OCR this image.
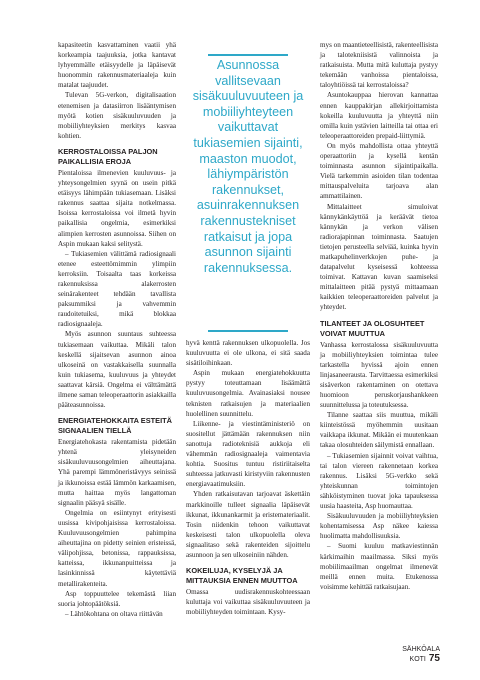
kapasiteetin kasvattaminen vaatii yhä korkeampia taajuuksia, jotka kantavat lyhyemmälle etäisyydelle ja läpäisevät huonommin rakennusmateriaaleja kuin matalat taajuudet.

Tulevan 5G-verkon, digitalisaation etenemisen ja datasiirron lisääntymisen myötä kotien sisäkuuluvuuden ja mobiiliyhteyksien merkitys kasvaa kohtien.

KERROSTALOISSA PALJON PAIKALLISIA EROJA

Pientaloissa ilmenevien kuuluvuus- ja yhteysongelmien syynä on usein pitkä etäisyys lähimpään tukiasemaan. Lisäksi rakennus saattaa sijaita notkelmassa. Isoissa kerrostaloissa voi ilmetä hyvin paikallisia ongelmia, esimerkiksi alimpien kerrosten asunnoissa. Siihen on Aspin mukaan kaksi selitystä.

– Tukiasemien välittämä radiosignaali etenee esteettömimmin ylimpiin kerroksiin. Toisaalta taas korkeissa rakennuksissa alakerrosten seinärakenteet tehdään tavallista paksummiksi ja vahvemmin raudoitetuiksi, mikä blokkaa radiosignaaleja.

Myös asunnon suuntaus suhteessa tukiasemaan vaikuttaa. Mikäli talon keskellä sijaitsevan asunnon ainoa ulkoseinä on vastakkaisella suunnalla kuin tukiasema, kuuluvuus ja yhteydet saattavat kärsiä. Ongelma ei välttämättä ilmene saman teleoperaattorin asiakkailla pääteasunnoissa.

ENERGIATEHOKKAITA ESTEITÄ SIGNAALIEN TIELLÄ

Energiatehokasta rakentamista pidetään yhtenä yleisyneiden sisäkuuluvuusongelmien aiheuttajana. Yhä parempi lämmöneristävyys seinissä ja ikkunoissa estää lämmön karkaamisen, mutta haittaa myös langattoman signaalin pääsyä sisälle.

Ongelmia on esiintynyt erityisesti uusissa kivipohjaisissa kerrostaloissa. Kuuluvuusongelmien pahimpina aiheuttajina on pidetty seinien eristeissä, välipohjissa, betonissa, rappauksissa, katteissa, ikkunanpuitteissa ja lasinkinnissä käytettäviä metallirakenteita.

Asp toppuuttelee tekemästä liian suoria johtopäätöksiä.

– Lähtökohtana on oltava riittävän

hyvä kenttä rakennuksen ulkopuolella. Jos kuuluvuutta ei ole ulkona, ei sitä saada sisätiloihinkaan.

Aspin mukaan energiatehokkuutta pystyy toteuttamaan lisäämättä kuuluvuusongelmia. Avainasiaksi nousee teknisten ratkaisujen ja materiaalien huolellinen suunnittelu.

Liikenne- ja viestintäministeriö on suositellut jättämään rakennuksen niin sanottuja radioteknisiä aukkoja eli vähemmän radiosignaaleja vaimentavia kohtia. Suositus tuntuu ristiriitaiselta suhteessa jatkuvasti kiristyviin rakennusten energiavaatimuksiin.

Yhden ratkaisutavan tarjoavat äskettäin markkinoille tulleet signaalia läpäisevät ikkunat, ikkunankarmit ja eristemateriaalit. Tosin niidenkin tehoon vaikuttavat keskeisesti talon ulkopuolella oleva signaalitaso sekä rakenteiden sijoittelu asunnoon ja sen ulkoseiniin nähden.

KOKEILUJA, KYSELYJÄ JA MITTAUKSIA ENNEN MUUTTOA

Omassa uudisrakennuskohteessaan kuluttaja voi vaikuttaa sisäkuuluvuuteen ja mobiiliyhteyden toimintaan. Kysy-

mys on maantieteellisistä, rakenteellisista ja talotekniisistä valinnoista ja ratkaisuista. Mutta mitä kuluttaja pystyy tekemään vanhoissa pientaloissa, taloyhtiöissä tai kerrostaloissa?

Asuntokauppaa hierovan kannattaa ennen kauppakirjan allekirjoittamista kokeilla kuuluvuutta ja yhteyttä niin omilla kuin ystävien laitteilla tai ottaa eri teleoperaattoreiden prepaid-liittymiä.

On myös mahdollista ottaa yhteyttä operaattoriin ja kysellä kentän toiminnasta asunnon sijaintipaikalla. Vielä tarkemmin asioiden tilan todentaa mittauspalveluita tarjoava alan ammattilainen.

Mittalaitteet simuloivat kännykänkäyttöä ja keräävät tietoa kännykän ja verkon välisen radiorajapinnan toiminnasta. Saatujen tietojen perusteella selviää, kuinka hyvin matkapuhelinverkkojen puhe- ja datapalvelut kyseisessä kohteessa toimivat. Kattavan kuvan saamiseksi mittalaitteen pitää pystyä mittaamaan kaikkien teleoperaattoreiden palvelut ja yhteydet.

TILANTEET JA OLOSUHTEET VOIVAT MUUTTUA

Vanhassa kerrostalossa sisäkuuluvuutta ja mobiiliyhteyksien toimintaa tulee tarkastella hyvissä ajoin ennen linjasaneerausta. Tarvittaessa esimerkiksi sisäverkon rakentaminen on otettava huomioon peruskorjaushankkeen suunnittelussa ja toteutuksessa.

Tilanne saattaa siis muuttua, mikäli kiinteistössä myöhemmin uusitaan vaikkapa ikkunat. Mikään ei muutenkaan takaa olosuhteiden säilymistä ennallaan.

– Tukiasemien sijainnit voivat vaihtua, tai talon viereen rakennetaan korkea rakennus. Lisäksi 5G-verkko sekä yhteiskunnan toimintojen sähköistyminen tuovat joka tapauksessa uusia haasteita, Asp huomauttaa.

Sisäkuuluvuuden ja mobiiliyhteyksien kohentamisessa Asp näkee kaiessa huolimatta mahdollisuuksia.

– Suomi kuuluu matkaviestinnän kärkimaihin maailmassa. Siksi myös mobiilimaailman ongelmat ilmenevät meillä ennen muita. Etukenossa voisimme kehittää ratkaisujaan.

Asunnossa vallitsevaan sisäkuuluvuuteen ja mobiiliyhteyteen vaikuttavat tukiasemien sijainti, maaston muodot, lähiympäristön rakennukset, asuinrakennuksen rakennustekniset ratkaisut ja jopa asunnon sijainti rakennuksessa.
SÄHKÖALA KOTI 75
